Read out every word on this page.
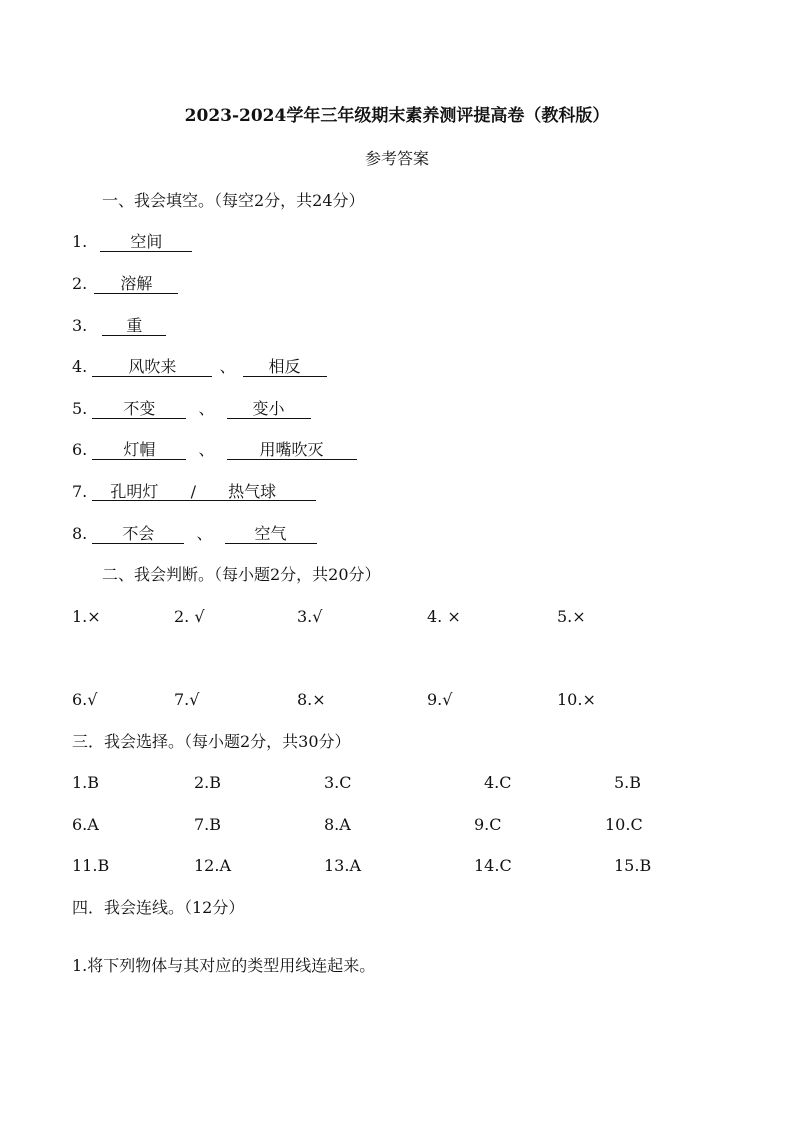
2023-2024学年三年级期末素养测评提高卷（教科版）
参考答案
一、我会填空。（每空2分，共24分）
1.	空间
2. 溶解
3. 重
4.	风吹来	、 相反
5. 不变	、 变小
6. 灯帽	、	用嘴吹灭
7. 孔明灯 / 热气球
8. 不会	、	空气
二、我会判断。（每小题2分，共20分）
1.×	2. √	3.√	4. ×	5.×
6.√	7.√	8.×	9.√	10.×
三．我会选择。（每小题2分，共30分）
1.B	2.B	3.C	4.C	5.B
6.A	7.B	8.A	9.C	10.C
11.B	12.A	13.A	14.C	15.B
四．我会连线。（12分）
1.将下列物体与其对应的类型用线连起来。
